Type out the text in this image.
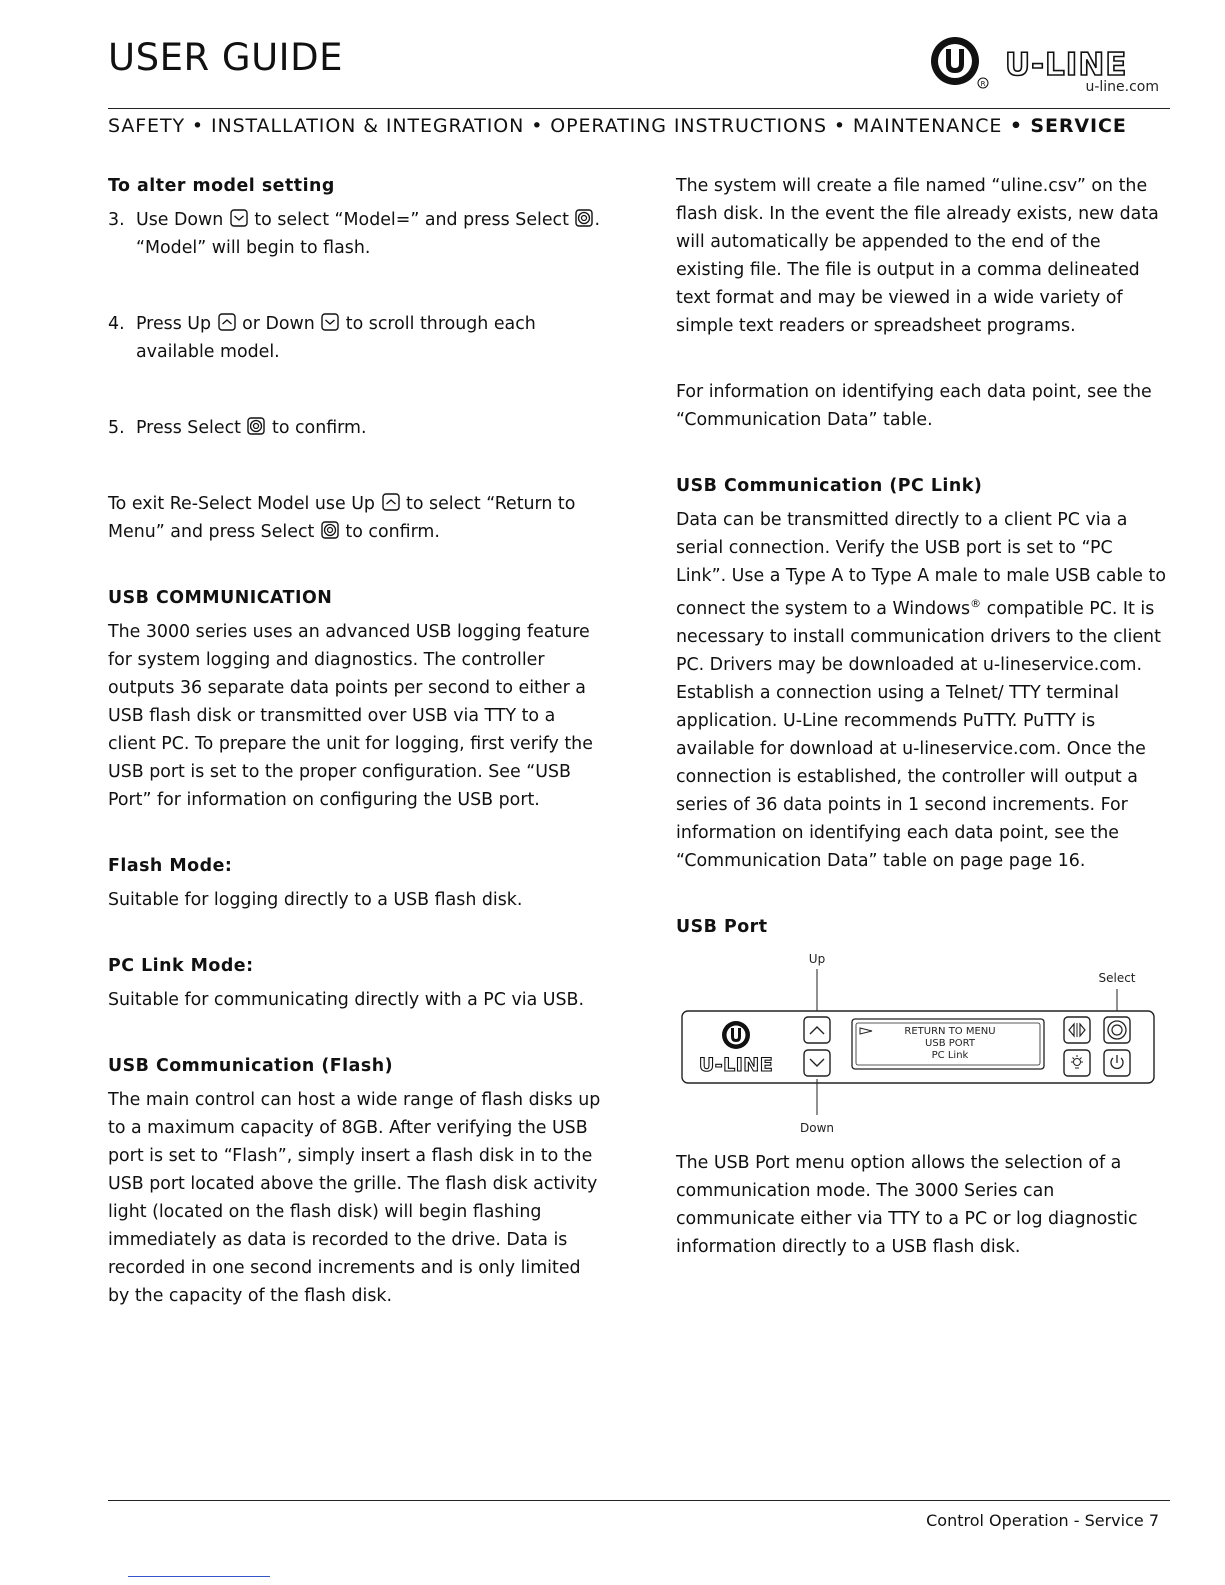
USER GUIDE
R
U-LINE
u-line.com
SAFETY • INSTALLATION & INTEGRATION • OPERATING INSTRUCTIONS • MAINTENANCE • SERVICE
To alter model setting
3. Use Down  to select “Model=” and press Select . “Model” will begin to flash.
4. Press Up  or Down  to scroll through each available model.
5. Press Select  to confirm.

To exit Re-Select Model use Up  to select “Return to Menu” and press Select  to confirm.

USB COMMUNICATION

The 3000 series uses an advanced USB logging feature for system logging and diagnostics. The controller outputs 36 separate data points per second to either a USB flash disk or transmitted over USB via TTY to a client PC. To prepare the unit for logging, first verify the USB port is set to the proper configuration. See “USB Port” for information on configuring the USB port.

Flash Mode:

Suitable for logging directly to a USB flash disk.

PC Link Mode:

Suitable for communicating directly with a PC via USB.

USB Communication (Flash)

The main control can host a wide range of flash disks up to a maximum capacity of 8GB. After verifying the USB port is set to “Flash”, simply insert a flash disk in to the USB port located above the grille. The flash disk activity light (located on the flash disk) will begin flashing immediately as data is recorded to the drive. Data is recorded in one second increments and is only limited by the capacity of the flash disk.

The system will create a file named “uline.csv” on the flash disk. In the event the file already exists, new data will automatically be appended to the end of the existing file. The file is output in a comma delineated text format and may be viewed in a wide variety of simple text readers or spreadsheet programs.

For information on identifying each data point, see the “Communication Data” table.

USB Communication (PC Link)

Data can be transmitted directly to a client PC via a serial connection. Verify the USB port is set to “PC Link”. Use a Type A to Type A male to male USB cable to connect the system to a Windows® compatible PC. It is necessary to install communication drivers to the client PC. Drivers may be downloaded at u-lineservice.com. Establish a connection using a Telnet/ TTY terminal application. U-Line recommends PuTTY. PuTTY is available for download at u-lineservice.com. Once the connection is established, the controller will output a series of 36 data points in 1 second increments. For information on identifying each data point, see the “Communication Data” table on page page 16.

USB Port
Up
Select
U-LINE
RETURN TO MENU
USB PORT
PC Link
Down

The USB Port menu option allows the selection of a communication mode. The 3000 Series can communicate either via TTY to a PC or log diagnostic information directly to a USB flash disk.

Control Operation - Service 7
